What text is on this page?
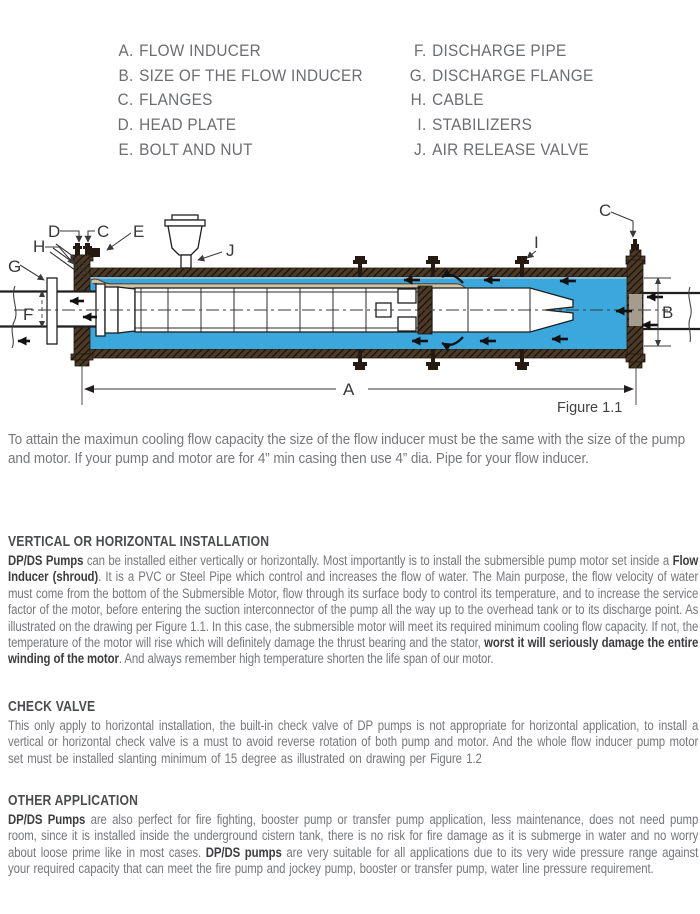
A. FLOW INDUCER
B. SIZE OF THE FLOW INDUCER
C. FLANGES
D. HEAD PLATE
E. BOLT AND NUT
F. DISCHARGE PIPE
G. DISCHARGE FLANGE
H. CABLE
I. STABILIZERS
J. AIR RELEASE VALVE
D C E
H
G
F
J	I
C
B
A
Figure 1.1

To attain the maximun cooling flow capacity the size of the flow inducer must be the same with the size of the pump and motor. If your pump and motor are for 4” min casing then use 4” dia. Pipe for your flow inducer.

VERTICAL OR HORIZONTAL INSTALLATION

DP/DS Pumps can be installed either vertically or horizontally. Most importantly is to install the submersible pump motor set inside a Flow Inducer (shroud). It is a PVC or Steel Pipe which control and increases the flow of water. The Main purpose, the flow velocity of water must come from the bottom of the Submersible Motor, flow through its surface body to control its temperature, and to increase the service factor of the motor, before entering the suction interconnector of the pump all the way up to the overhead tank or to its discharge point. As illustrated on the drawing per Figure 1.1. In this case, the submersible motor will meet its required minimum cooling flow capacity. If not, the temperature of the motor will rise which will definitely damage the thrust bearing and the stator, worst it will seriously damage the entire winding of the motor. And always remember high temperature shorten the life span of our motor.

CHECK VALVE

This only apply to horizontal installation, the built-in check valve of DP pumps is not appropriate for horizontal application, to install a vertical or horizontal check valve is a must to avoid reverse rotation of both pump and motor. And the whole flow inducer pump motor set must be installed slanting minimum of 15 degree as illustrated on drawing per Figure 1.2

OTHER APPLICATION

DP/DS Pumps are also perfect for fire fighting, booster pump or transfer pump application, less maintenance, does not need pump room, since it is installed inside the underground cistern tank, there is no risk for fire damage as it is submerge in water and no worry about loose prime like in most cases. DP/DS pumps are very suitable for all applications due to its very wide pressure range against your required capacity that can meet the fire pump and jockey pump, booster or transfer pump, water line pressure requirement.
